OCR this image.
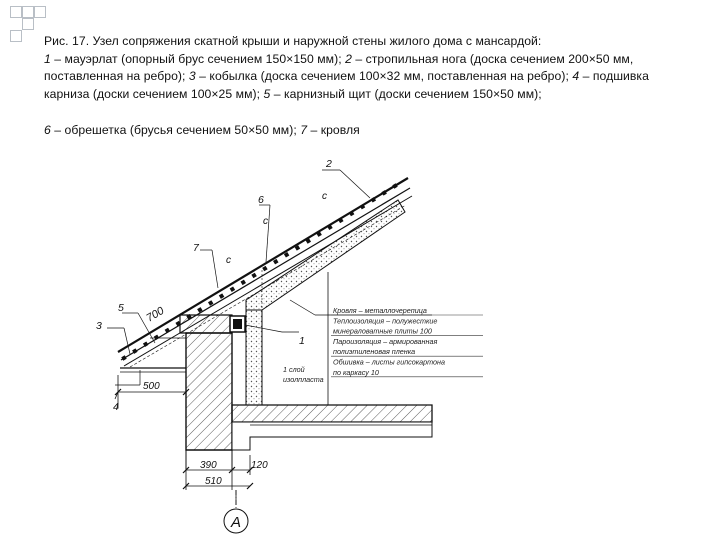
Рис. 17. Узел сопряжения скатной крыши и наружной стены жилого дома с мансардой:

1 – мауэрлат (опорный брус сечением 150×150 мм); 2 – стропильная нога (доска сечением 200×50 мм, поставленная на ребро); 3 – кобылка (доска сечением 100×32 мм, поставленная на ребро); 4 – подшивка карниза (доски сечением 100×25 мм); 5 – карнизный щит (доски сечением 150×50 мм);

6 – обрешетка (брусья сечением 50×50 мм); 7 – кровля

А
5
3
7
6
2
1
4
c
c
c
700
500
390	120
510
1 слой изолпласта
Кровля – металлочерепица
Теплоизоляция – полужесткие
минераловатные плиты 100
Пароизоляция – армированная
полиэтиленовая пленка
Обшивка – листы гипсокартона
по каркасу 10
